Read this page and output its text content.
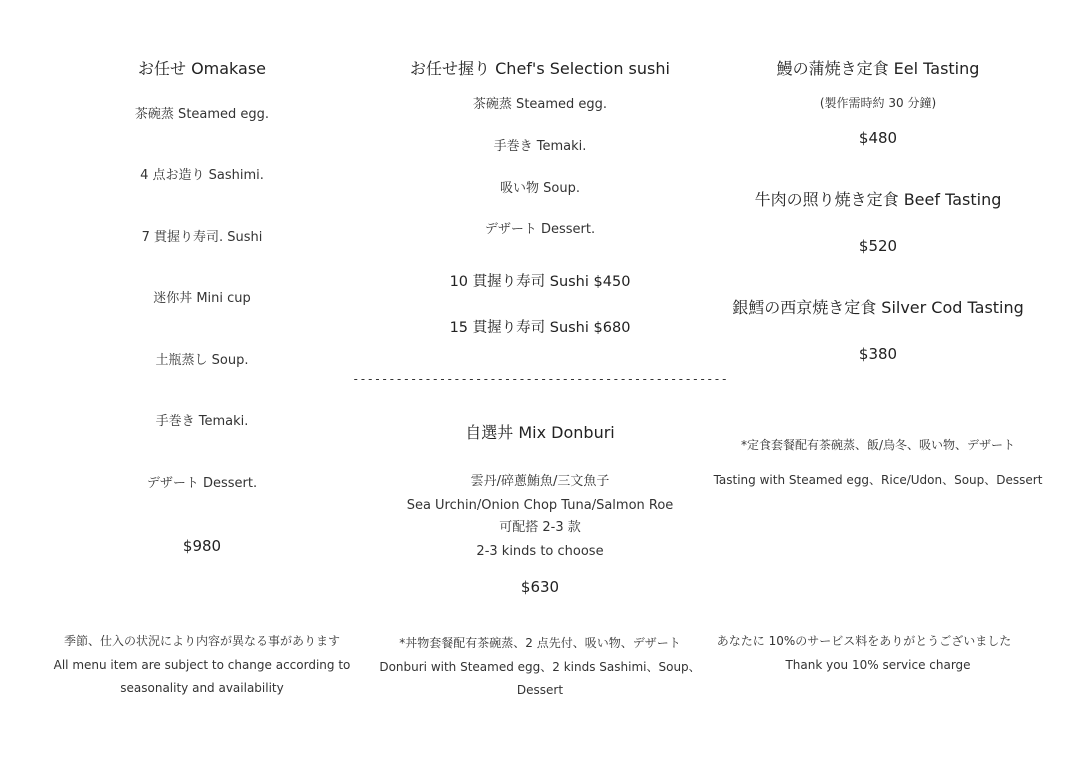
お任せ Omakase
茶碗蒸 Steamed egg.
4 点お造り Sashimi.
7 貫握り寿司. Sushi
迷你丼 Mini cup
土瓶蒸し Soup.
手巻き Temaki.
デザート Dessert.
$980
季節、仕入の状況により内容が異なる事があります
All menu item are subject to change according to
seasonality and availability
お任せ握り Chef's Selection sushi
茶碗蒸 Steamed egg.
手巻き Temaki.
吸い物 Soup.
デザート Dessert.
10 貫握り寿司 Sushi $450
15 貫握り寿司 Sushi $680
----------------------------------------------------
自選丼 Mix Donburi
雲丹/碎蔥鮪魚/三文魚子
Sea Urchin/Onion Chop Tuna/Salmon Roe
可配搭 2-3 款
2-3 kinds to choose
$630
*丼物套餐配有茶碗蒸、2 点先付、吸い物、デザート
Donburi with Steamed egg、2 kinds Sashimi、Soup、
Dessert
鰻の蒲焼き定食 Eel Tasting
(製作需時約 30 分鐘)
$480
牛肉の照り焼き定食 Beef Tasting
$520
銀鱈の西京焼き定食 Silver Cod Tasting
$380
*定食套餐配有茶碗蒸、飯/烏冬、吸い物、デザート
Tasting with Steamed egg、Rice/Udon、Soup、Dessert
あなたに 10%のサービス料をありがとうございました
Thank you 10% service charge
